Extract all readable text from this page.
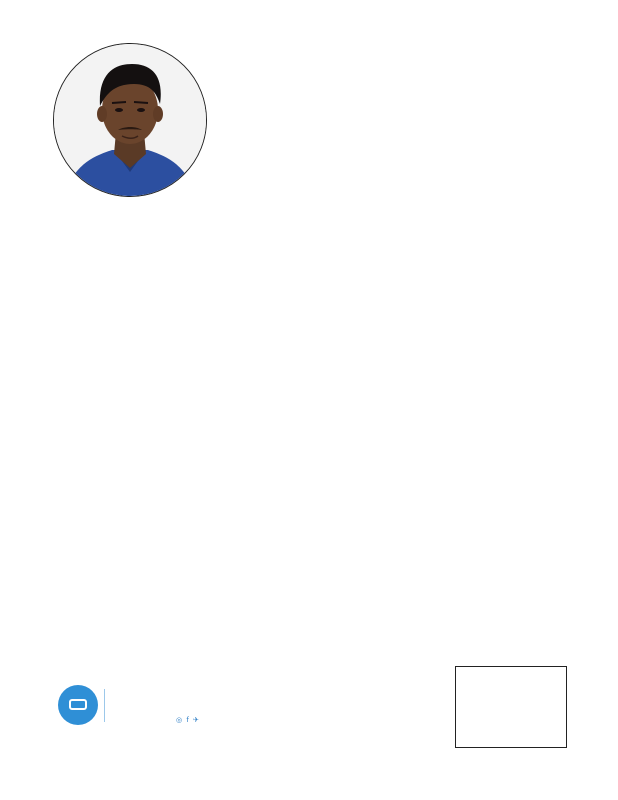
◎ f ✈
